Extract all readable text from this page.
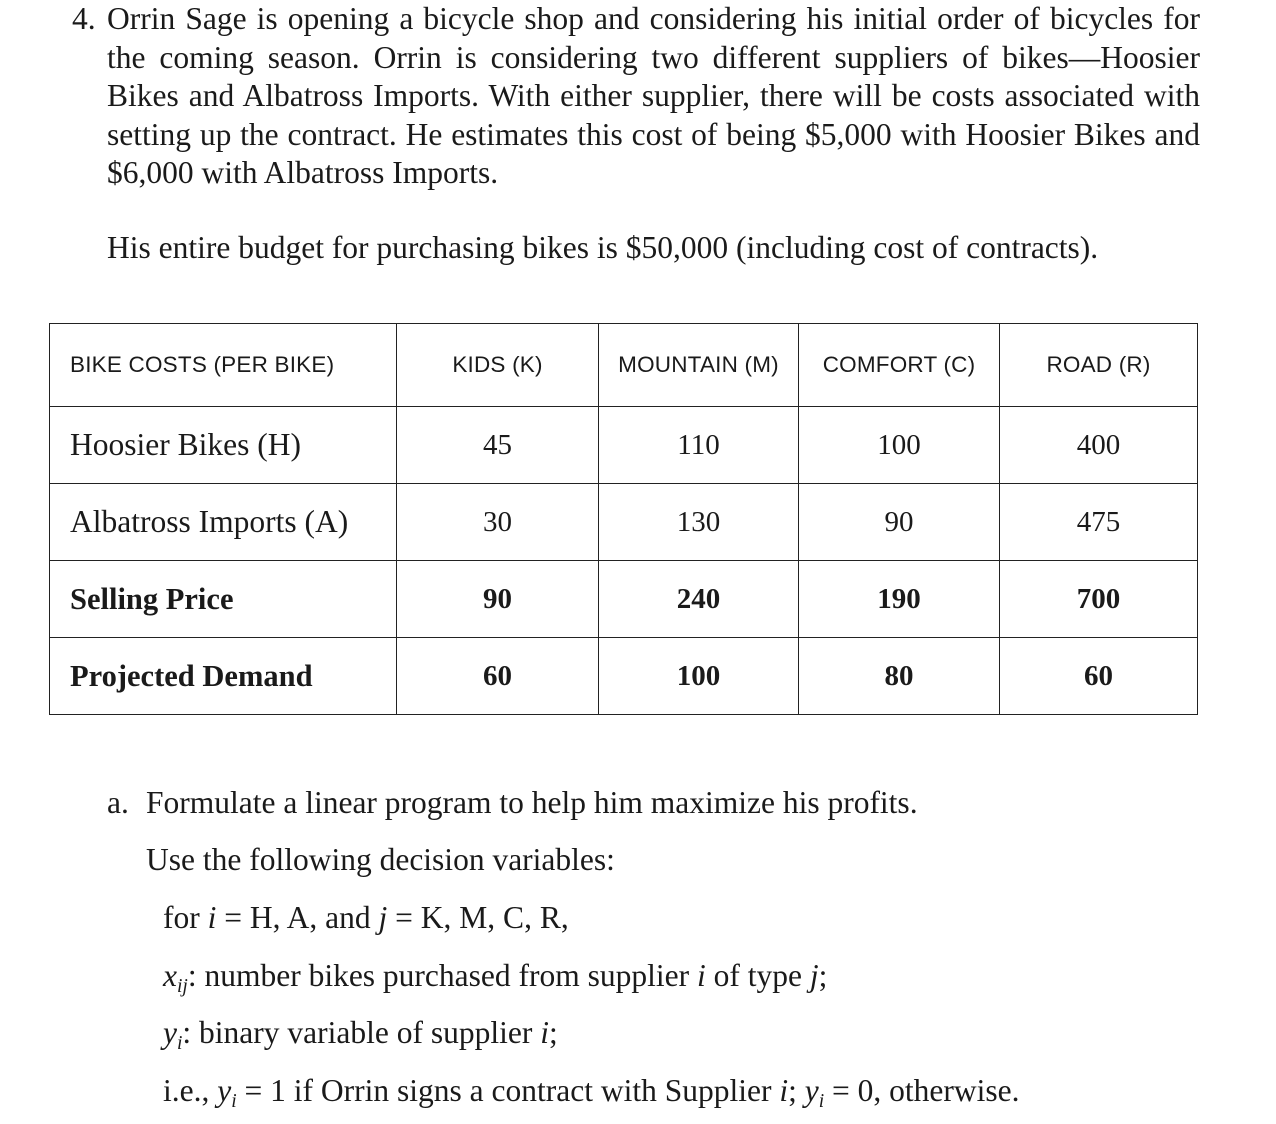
4. Orrin Sage is opening a bicycle shop and considering his initial order of bicycles for the coming season. Orrin is considering two different suppliers of bikes—Hoosier Bikes and Albatross Imports. With either supplier, there will be costs associated with setting up the contract. He estimates this cost of being $5,000 with Hoosier Bikes and $6,000 with Albatross Imports.
His entire budget for purchasing bikes is $50,000 (including cost of contracts).
BIKE COSTS (PER BIKE)	KIDS (K)	MOUNTAIN (M)	COMFORT (C)	ROAD (R)
Hoosier Bikes (H)	45	110	100	400
Albatross Imports (A)	30	130	90	475
Selling Price	90	240	190	700
Projected Demand	60	100	80	60
a. Formulate a linear program to help him maximize his profits.
Use the following decision variables:
for i = H, A, and j = K, M, C, R,
$x_{ij}$: number bikes purchased from supplier i of type j;
$y_i$: binary variable of supplier i;
i.e., $y_i = 1$ if Orrin signs a contract with Supplier i; $y_i = 0$, otherwise.
